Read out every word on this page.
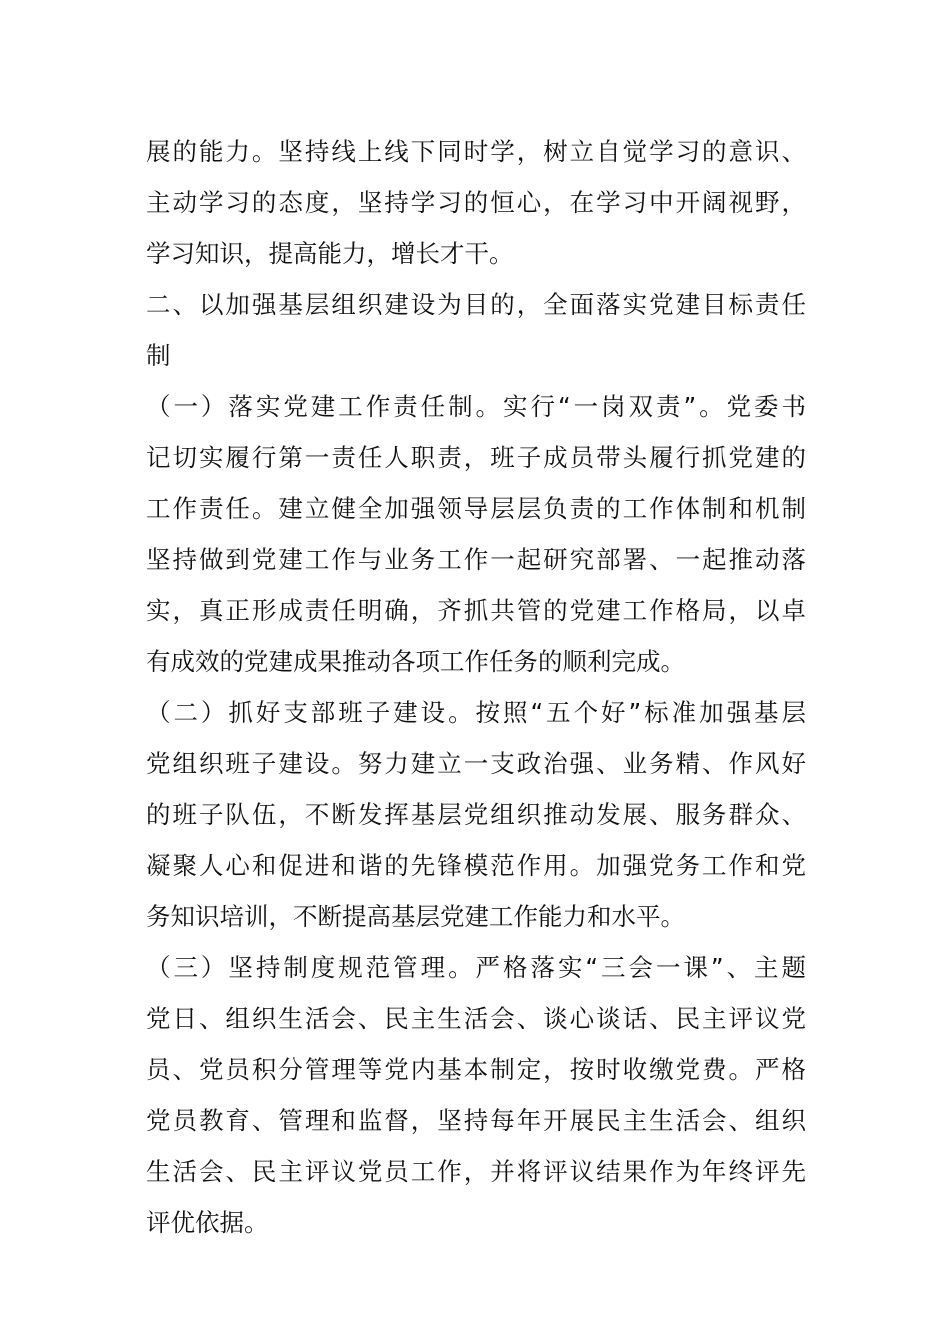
展的能力。坚持线上线下同时学，树立自觉学习的意识、
主动学习的态度，坚持学习的恒心，在学习中开阔视野，
学习知识，提高能力，增长才干。
二、以加强基层组织建设为目的，全面落实党建目标责任
制
（一）落实党建工作责任制。实行“一岗双责”。党委书
记切实履行第一责任人职责，班子成员带头履行抓党建的
工作责任。建立健全加强领导层层负责的工作体制和机制
坚持做到党建工作与业务工作一起研究部署、一起推动落
实，真正形成责任明确，齐抓共管的党建工作格局，以卓
有成效的党建成果推动各项工作任务的顺利完成。
（二）抓好支部班子建设。按照“五个好”标准加强基层
党组织班子建设。努力建立一支政治强、业务精、作风好
的班子队伍，不断发挥基层党组织推动发展、服务群众、
凝聚人心和促进和谐的先锋模范作用。加强党务工作和党
务知识培训，不断提高基层党建工作能力和水平。
（三）坚持制度规范管理。严格落实“三会一课”、主题
党日、组织生活会、民主生活会、谈心谈话、民主评议党
员、党员积分管理等党内基本制定，按时收缴党费。严格
党员教育、管理和监督，坚持每年开展民主生活会、组织
生活会、民主评议党员工作，并将评议结果作为年终评先
评优依据。
